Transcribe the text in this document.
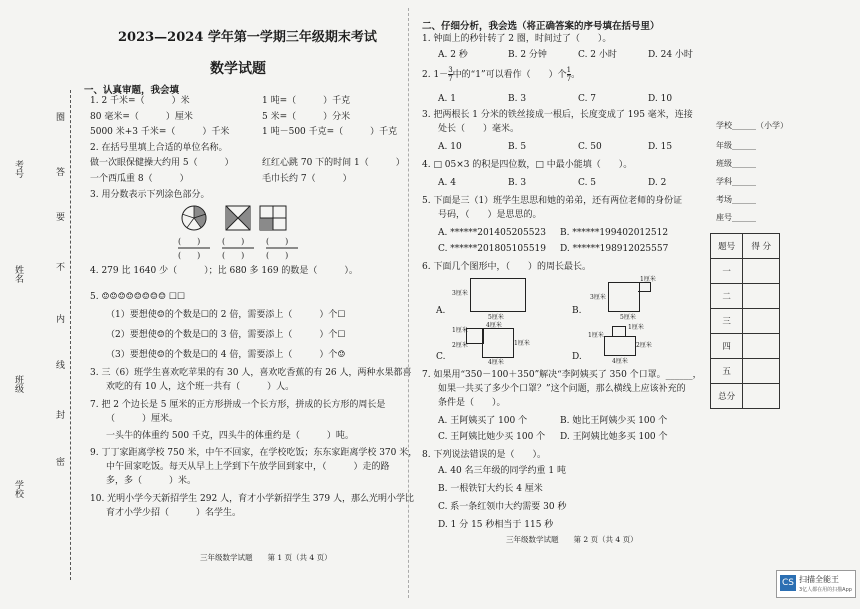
考号
姓名
班级
学校
圈
答
要
不
内
线
封
密
2023—2024 学年第一学期三年级期末考试
数学试题
一、认真审题，我会填
1. 2 千米=（　　　）米	1 吨=（　　　）千克
80 毫米=（　　　）厘米	5 米=（　　　）分米
5000 米+3 千米=（　　　）千米	1 吨－500 千克=（　　　）千克
2. 在括号里填上合适的单位名称。
做一次眼保健操大约用 5（　　　）	红红心跳 70 下的时间 1（　　　）
一个西瓜重 8（　　　）	毛巾长约 7（　　　）
3. 用分数表示下列涂色部分。
(　　)
(　　)
(　　)
(　　)
(　　)
(　　)
4. 279 比 1640 少（　　　）；比 680 多 169 的数是（　　　）。
5. ☺☺☺☺☺☺☺☺ ☐☐
（1）要想使☺的个数是☐的 2 倍，需要添上（　　　）个☐
（2）要想使☺的个数是☐的 3 倍，需要添上（　　　）个☐
（3）要想使☺的个数是☐的 4 倍，需要添上（　　　）个☺
3. 三（6）班学生喜欢吃苹果的有 30 人，喜欢吃香蕉的有 26 人，两种水果都喜
欢吃的有 10 人，这个班一共有（　　　）人。
7. 把 2 个边长是 5 厘米的正方形拼成一个长方形，拼成的长方形的周长是
（　　　）厘米。
一头牛的体重约 500 千克，四头牛的体重约是（　　　）吨。
9. 丁丁家距离学校 750 米，中午不回家，在学校吃饭；东东家距离学校 370 米，
中午回家吃饭。每天从早上上学到下午放学回到家中，（　　　）走的路
多，多（　　　）米。
10. 光明小学今天新招学生 292 人，育才小学新招学生 379 人，那么光明小学比
育才小学少招（　　　）名学生。
三年级数学试题　　第 1 页（共 4 页）
二、仔细分析，我会选（将正确答案的序号填在括号里）
1. 钟面上的秒针转了 2 圈，时间过了（　　）。
A. 2 秒	B. 2 分钟	C. 2 小时	D. 24 小时
2. $1- \frac{3}{7}$ 中的“1”可以看作（　　）个 $\frac{1}{7}$ 。
A. 1	B. 3	C. 7	D. 10
3. 把两根长 1 分米的铁丝接成一根后，长度变成了 195 毫米，连接
处长（　　）毫米。
A. 10	B. 5	C. 50	D. 15
4. □ 05×3 的积是四位数，□ 中最小能填（　　）。
A. 4	B. 3	C. 5	D. 2
5. 下面是三（1）班学生思思和她的弟弟，还有两位老师的身份证
号码，（　　）是思思的。
A. ******201405205523 B. ******199402012512
C. ******201805105519 D. ******198912025557
6. 下面几个图形中，（　　）的周长最长。
A.
3厘米
5厘米
B.
1厘米
3厘米
5厘米
C.
1厘米
4厘米
2厘米	1厘米
4厘米
D.
1厘米
2厘米
1厘米
4厘米
7. 如果用“350－100＋350”解决“李阿姨买了 350 个口罩。______，
如果一共买了多少个口罩？”这个问题，那么横线上应该补充的
条件是（　　）。
A. 王阿姨买了 100 个	B. 她比王阿姨少买 100 个
C. 王阿姨比她少买 100 个 D. 王阿姨比她多买 100 个
8. 下列说法错误的是（　　）。
A. 40 名三年级的同学约重 1 吨
B. 一根铁钉大约长 4 厘米
C. 系一条红领巾大约需要 30 秒
D. 1 分 15 秒相当于 115 秒
三年级数学试题　　第 2 页（共 4 页）
学校______（小学）
年级______
班级______
学科______
考场______
座号______
题号	得 分
一	
二	
三	
四	
五	
总分	
CS 扫描全能王
3亿人都在用的扫描App
